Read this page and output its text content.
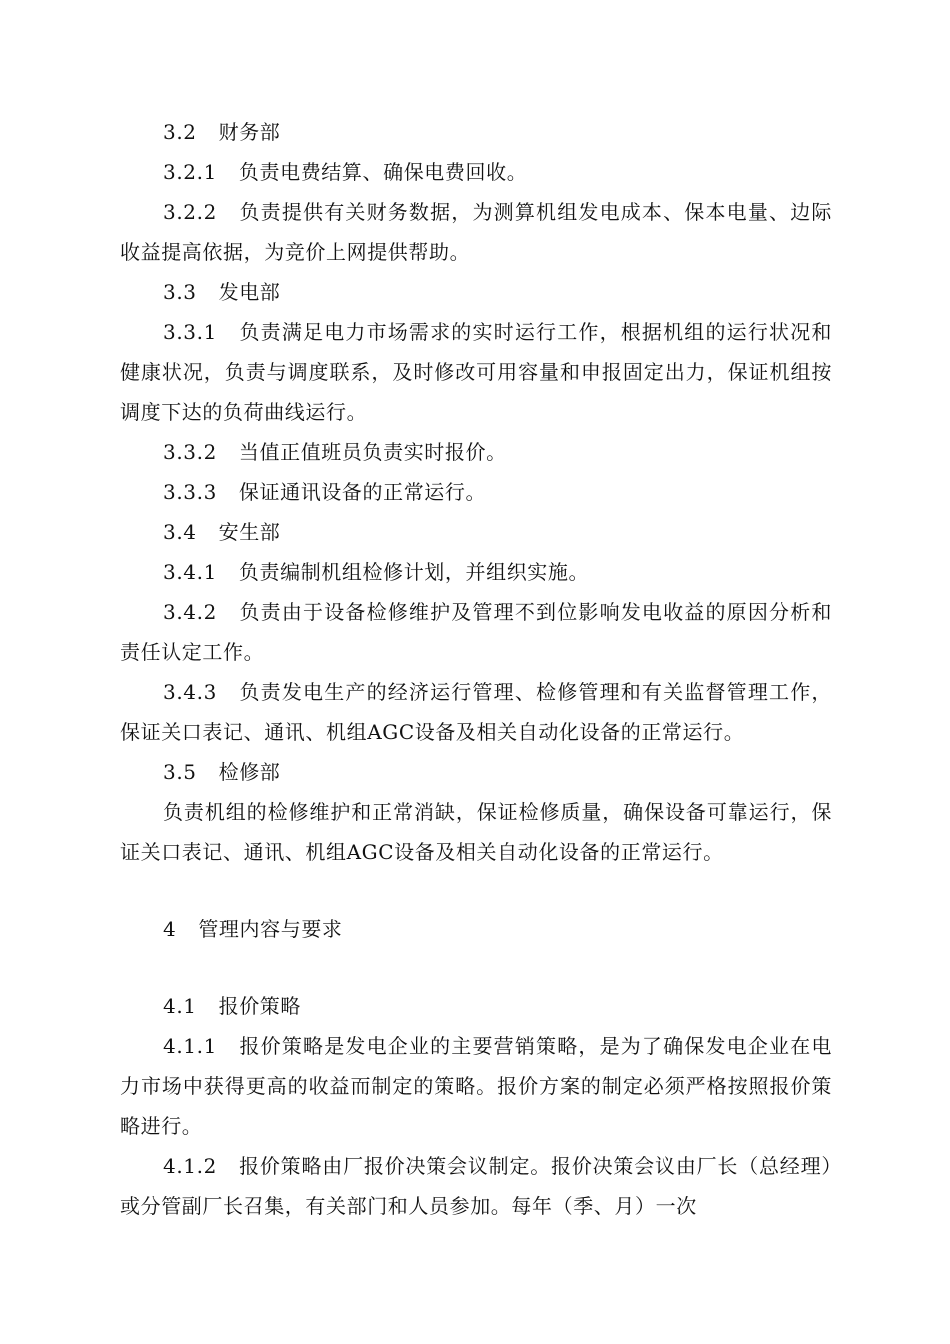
3.2 财务部

3.2.1 负责电费结算、确保电费回收。

3.2.2 负责提供有关财务数据，为测算机组发电成本、保本电量、边际收益提高依据，为竞价上网提供帮助。

3.3 发电部

3.3.1 负责满足电力市场需求的实时运行工作，根据机组的运行状况和健康状况，负责与调度联系，及时修改可用容量和申报固定出力，保证机组按调度下达的负荷曲线运行。

3.3.2 当值正值班员负责实时报价。

3.3.3 保证通讯设备的正常运行。

3.4 安生部

3.4.1 负责编制机组检修计划，并组织实施。

3.4.2 负责由于设备检修维护及管理不到位影响发电收益的原因分析和责任认定工作。

3.4.3 负责发电生产的经济运行管理、检修管理和有关监督管理工作，保证关口表记、通讯、机组AGC设备及相关自动化设备的正常运行。

3.5 检修部

负责机组的检修维护和正常消缺，保证检修质量，确保设备可靠运行，保证关口表记、通讯、机组AGC设备及相关自动化设备的正常运行。

4 管理内容与要求

4.1 报价策略

4.1.1 报价策略是发电企业的主要营销策略，是为了确保发电企业在电力市场中获得更高的收益而制定的策略。报价方案的制定必须严格按照报价策略进行。

4.1.2 报价策略由厂报价决策会议制定。报价决策会议由厂长（总经理）或分管副厂长召集，有关部门和人员参加。每年（季、月）一次
